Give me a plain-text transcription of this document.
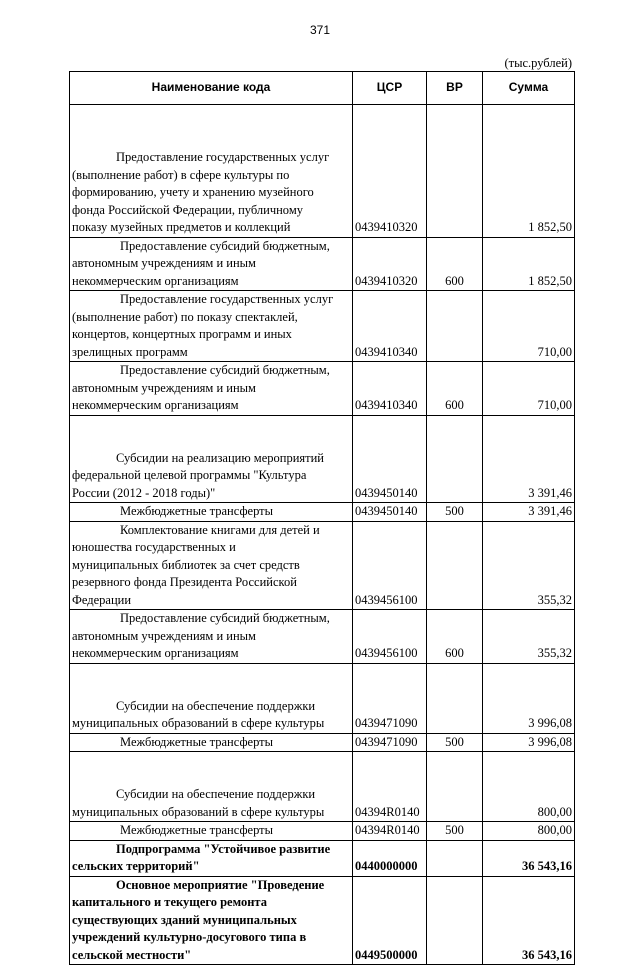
371
(тыс.рублей)
Наименование кода	ЦСР	ВР	Сумма
Предоставление государственных услуг
(выполнение работ) в сфере культуры по
формированию, учету и хранению музейного
фонда Российской Федерации, публичному
показу музейных предметов и коллекций	0439410320		1 852,50
Предоставление субсидий бюджетным,
автономным учреждениям и иным
некоммерческим организациям	0439410320	600	1 852,50
Предоставление государственных услуг
(выполнение работ) по показу спектаклей,
концертов, концертных программ и иных
зрелищных программ	0439410340		710,00
Предоставление субсидий бюджетным,
автономным учреждениям и иным
некоммерческим организациям	0439410340	600	710,00
Субсидии на реализацию мероприятий
федеральной целевой программы "Культура
России (2012 - 2018 годы)"	0439450140		3 391,46
Межбюджетные трансферты	0439450140	500	3 391,46
Комплектование книгами для детей и
юношества государственных и
муниципальных библиотек за счет средств
резервного фонда Президента Российской
Федерации	0439456100		355,32
Предоставление субсидий бюджетным,
автономным учреждениям и иным
некоммерческим организациям	0439456100	600	355,32
Субсидии на обеспечение поддержки
муниципальных образований в сфере культуры	0439471090		3 996,08
Межбюджетные трансферты	0439471090	500	3 996,08
Субсидии на обеспечение поддержки
муниципальных образований в сфере культуры	04394R0140		800,00
Межбюджетные трансферты	04394R0140	500	800,00
Подпрограмма "Устойчивое развитие
сельских территорий"	0440000000		36 543,16
Основное мероприятие "Проведение
капитального и текущего ремонта
существующих зданий муниципальных
учреждений культурно-досугового типа в
сельской местности"	0449500000		36 543,16
